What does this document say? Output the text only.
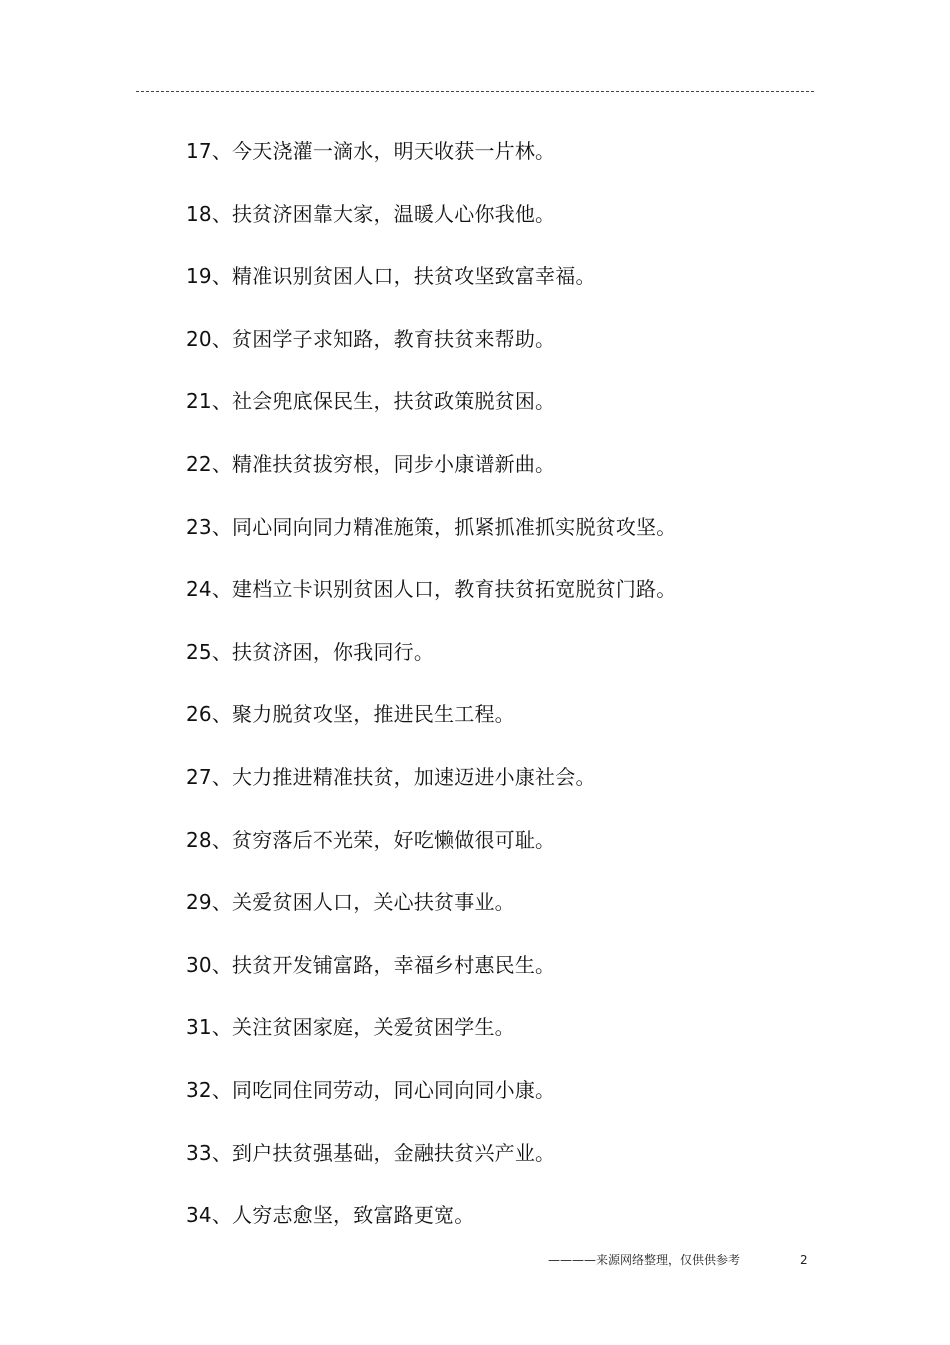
17、今天浇灌一滴水，明天收获一片林。
18、扶贫济困靠大家，温暖人心你我他。
19、精准识别贫困人口，扶贫攻坚致富幸福。
20、贫困学子求知路，教育扶贫来帮助。
21、社会兜底保民生，扶贫政策脱贫困。
22、精准扶贫拔穷根，同步小康谱新曲。
23、同心同向同力精准施策，抓紧抓准抓实脱贫攻坚。
24、建档立卡识别贫困人口，教育扶贫拓宽脱贫门路。
25、扶贫济困，你我同行。
26、聚力脱贫攻坚，推进民生工程。
27、大力推进精准扶贫，加速迈进小康社会。
28、贫穷落后不光荣，好吃懒做很可耻。
29、关爱贫困人口，关心扶贫事业。
30、扶贫开发铺富路，幸福乡村惠民生。
31、关注贫困家庭，关爱贫困学生。
32、同吃同住同劳动，同心同向同小康。
33、到户扶贫强基础，金融扶贫兴产业。
34、人穷志愈坚，致富路更宽。
————来源网络整理，仅供供参考	2
